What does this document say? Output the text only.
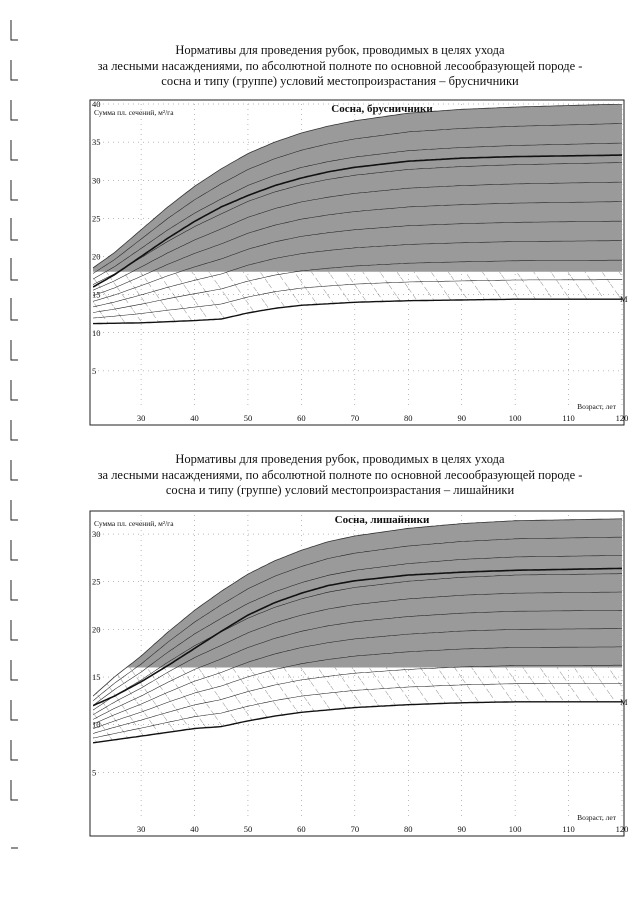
Нормативы для проведения рубок, проводимых в целях ухода
за лесными насаждениями, по абсолютной полноте по основной лесообразующей породе -
сосна и типу (группе) условий местопроизрастания – брусничники
30	40	50	60	70	80	90	100	110	120
5
10
15
20
25
30
35
40
Сумма пл. сечений, м²/га
Возраст, лет
Сосна, брусничники
М
Нормативы для проведения рубок, проводимых в целях ухода
за лесными насаждениями, по абсолютной полноте по основной лесообразующей породе -
сосна и типу (группе) условий местопроизрастания – лишайники
30	40	50	60	70	80	90	100	110	120
5
10
15
20
25
30
Сумма пл. сечений, м²/га
Возраст, лет
Сосна, лишайники
М
